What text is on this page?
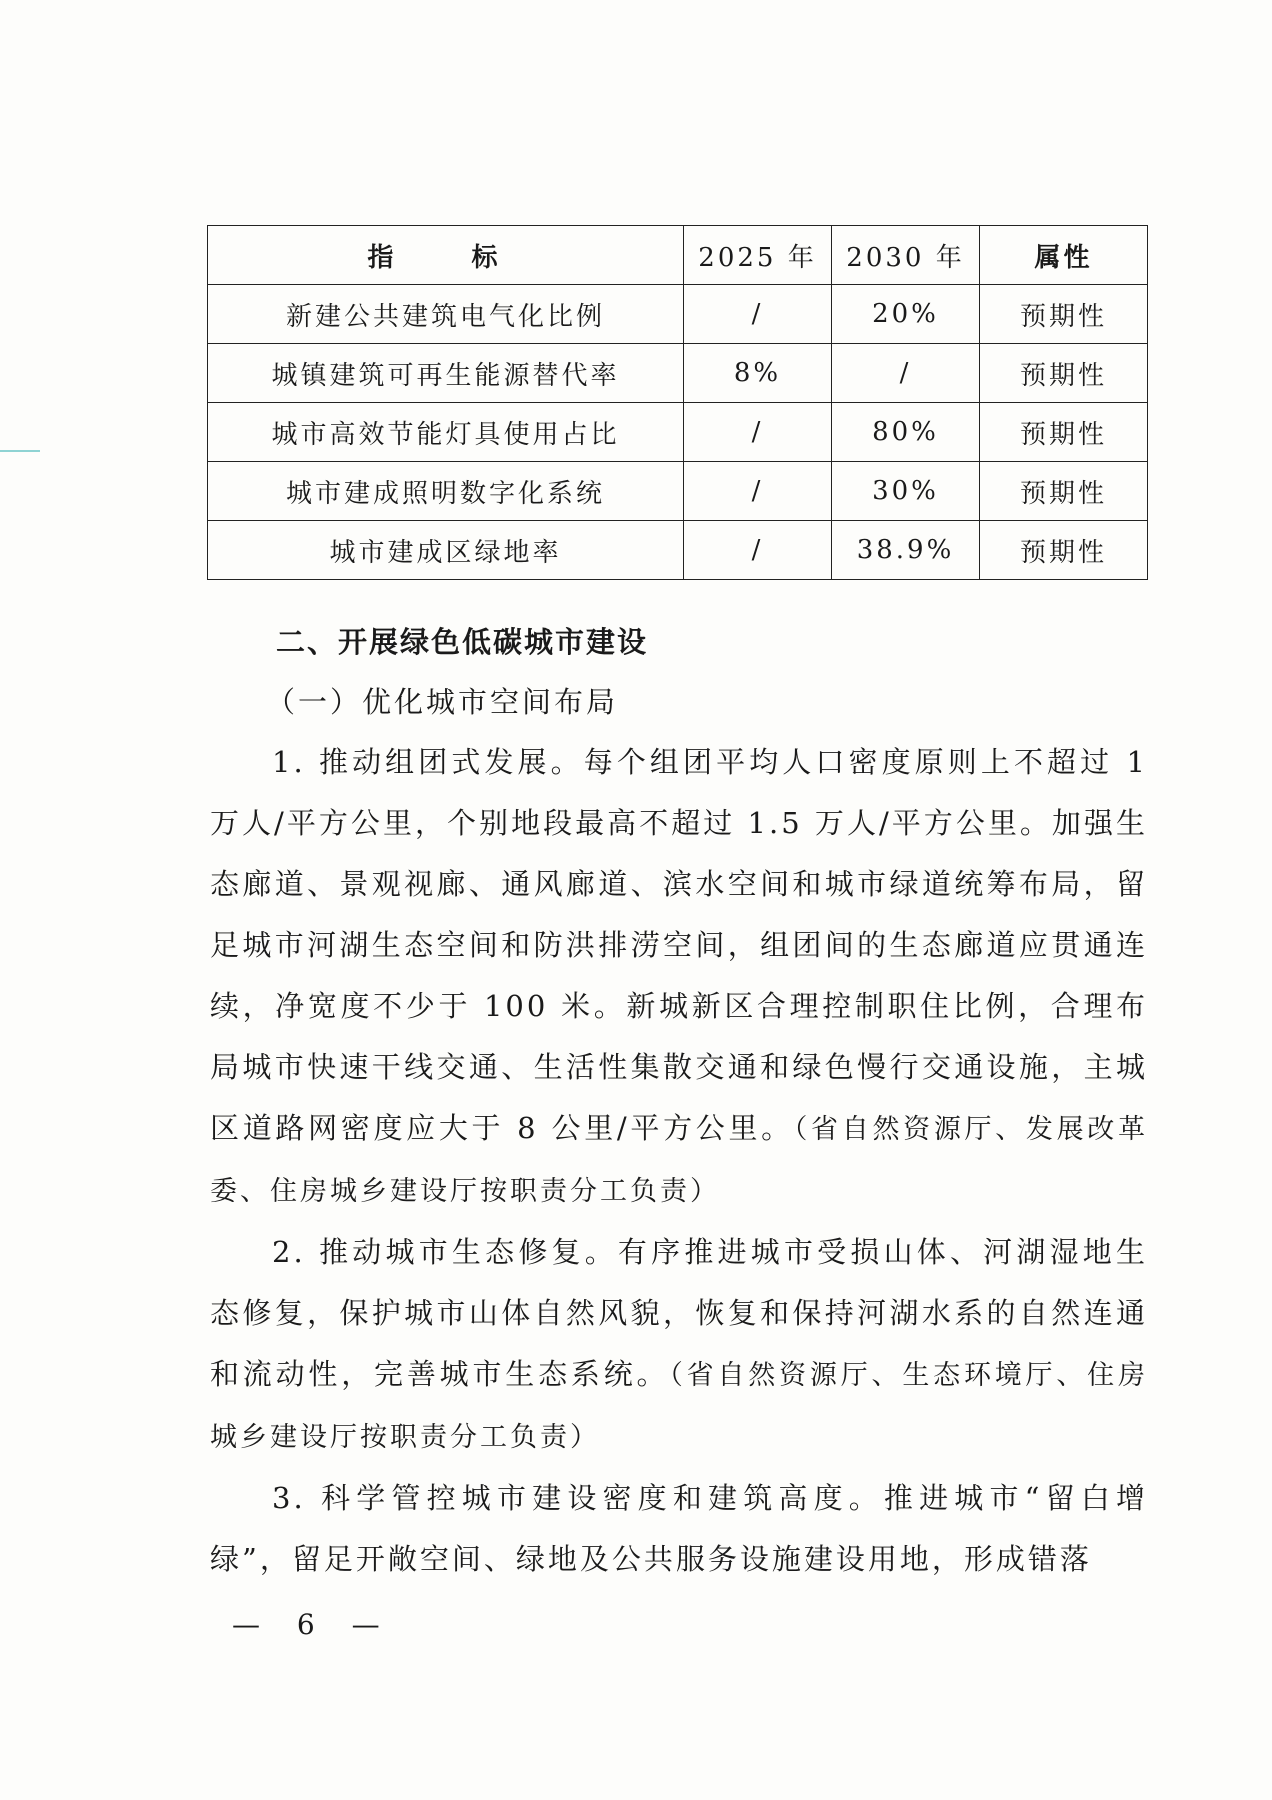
指　标	2025 年	2030 年	属性
新建公共建筑电气化比例	/	20%	预期性
城镇建筑可再生能源替代率	8%	/	预期性
城市高效节能灯具使用占比	/	80%	预期性
城市建成照明数字化系统	/	30%	预期性
城市建成区绿地率	/	38.9%	预期性
二、开展绿色低碳城市建设
（一）优化城市空间布局

1. 推动组团式发展。每个组团平均人口密度原则上不超过 1 万人/平方公里，个别地段最高不超过 1.5 万人/平方公里。加强生态廊道、景观视廊、通风廊道、滨水空间和城市绿道统筹布局，留足城市河湖生态空间和防洪排涝空间，组团间的生态廊道应贯通连续，净宽度不少于 100 米。新城新区合理控制职住比例，合理布局城市快速干线交通、生活性集散交通和绿色慢行交通设施，主城区道路网密度应大于 8 公里/平方公里。（省自然资源厅、发展改革委、住房城乡建设厅按职责分工负责）

2. 推动城市生态修复。有序推进城市受损山体、河湖湿地生态修复，保护城市山体自然风貌，恢复和保持河湖水系的自然连通和流动性，完善城市生态系统。（省自然资源厅、生态环境厅、住房城乡建设厅按职责分工负责）

3. 科学管控城市建设密度和建筑高度。推进城市“留白增绿”，留足开敞空间、绿地及公共服务设施建设用地，形成错落

— 6 —
